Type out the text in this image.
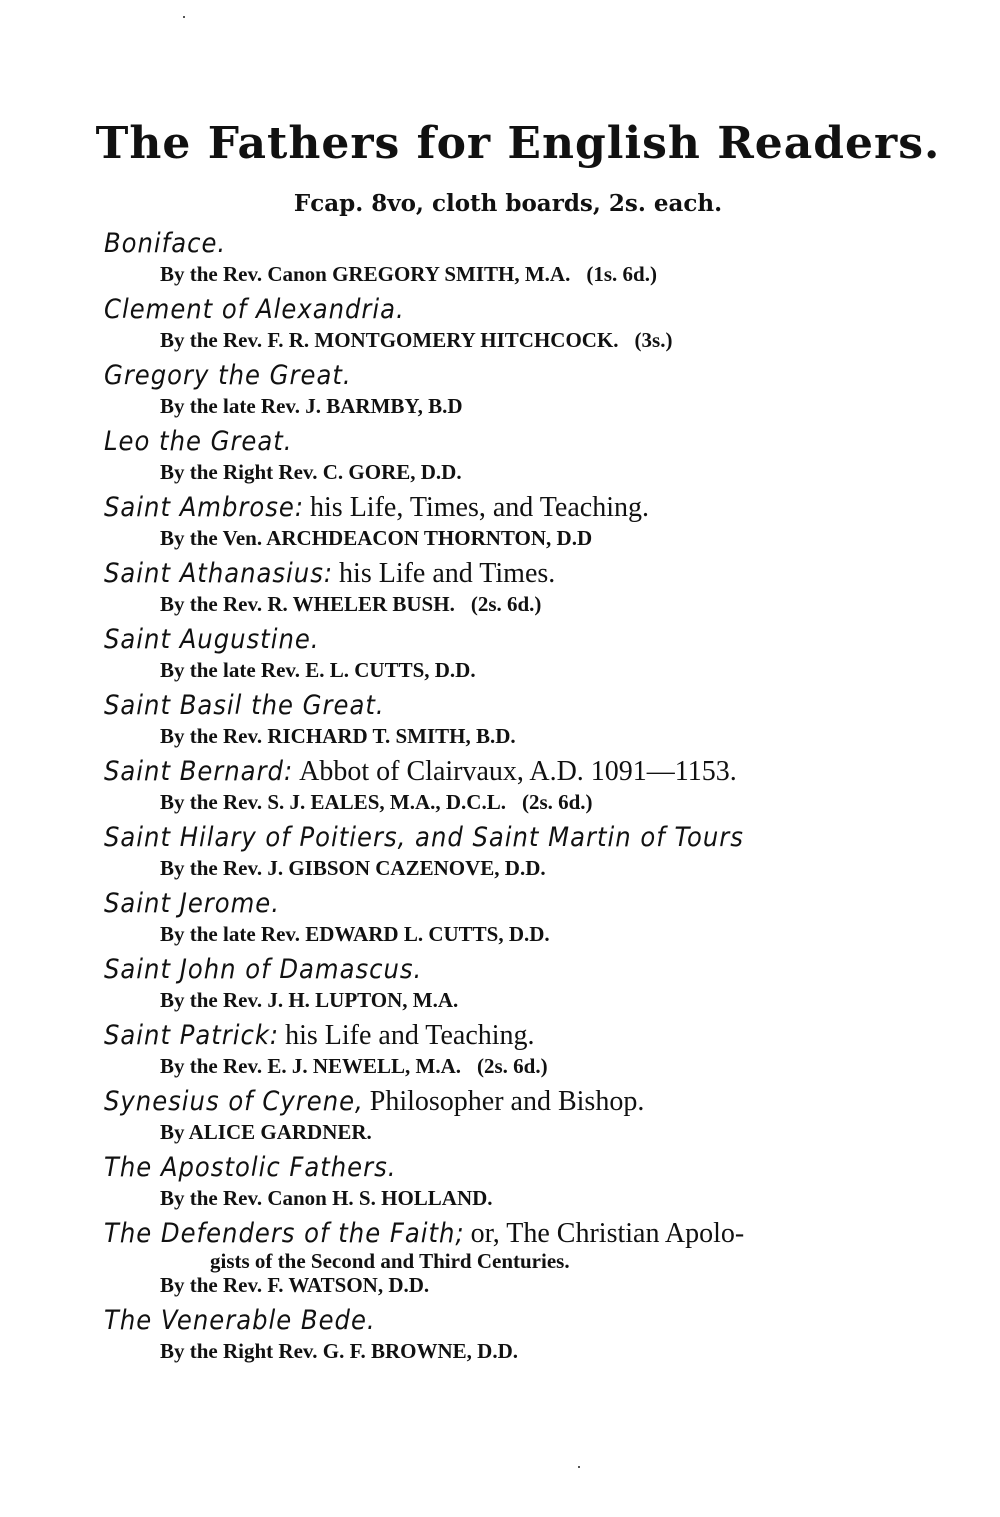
The Fathers for English Readers.
Fcap. 8vo, cloth boards, 2s. each.
Boniface.
By the Rev. Canon GREGORY SMITH, M.A. (1s. 6d.)
Clement of Alexandria.
By the Rev. F. R. MONTGOMERY HITCHCOCK. (3s.)
Gregory the Great.
By the late Rev. J. BARMBY, B.D
Leo the Great.
By the Right Rev. C. GORE, D.D.
Saint Ambrose: his Life, Times, and Teaching.
By the Ven. ARCHDEACON THORNTON, D.D
Saint Athanasius: his Life and Times.
By the Rev. R. WHELER BUSH. (2s. 6d.)
Saint Augustine.
By the late Rev. E. L. CUTTS, D.D.
Saint Basil the Great.
By the Rev. RICHARD T. SMITH, B.D.
Saint Bernard: Abbot of Clairvaux, A.D. 1091—1153.
By the Rev. S. J. EALES, M.A., D.C.L. (2s. 6d.)
Saint Hilary of Poitiers, and Saint Martin of Tours
By the Rev. J. GIBSON CAZENOVE, D.D.
Saint Jerome.
By the late Rev. EDWARD L. CUTTS, D.D.
Saint John of Damascus.
By the Rev. J. H. LUPTON, M.A.
Saint Patrick: his Life and Teaching.
By the Rev. E. J. NEWELL, M.A. (2s. 6d.)
Synesius of Cyrene, Philosopher and Bishop.
By ALICE GARDNER.
The Apostolic Fathers.
By the Rev. Canon H. S. HOLLAND.
The Defenders of the Faith; or, The Christian Apolo-
gists of the Second and Third Centuries.
By the Rev. F. WATSON, D.D.
The Venerable Bede.
By the Right Rev. G. F. BROWNE, D.D.
